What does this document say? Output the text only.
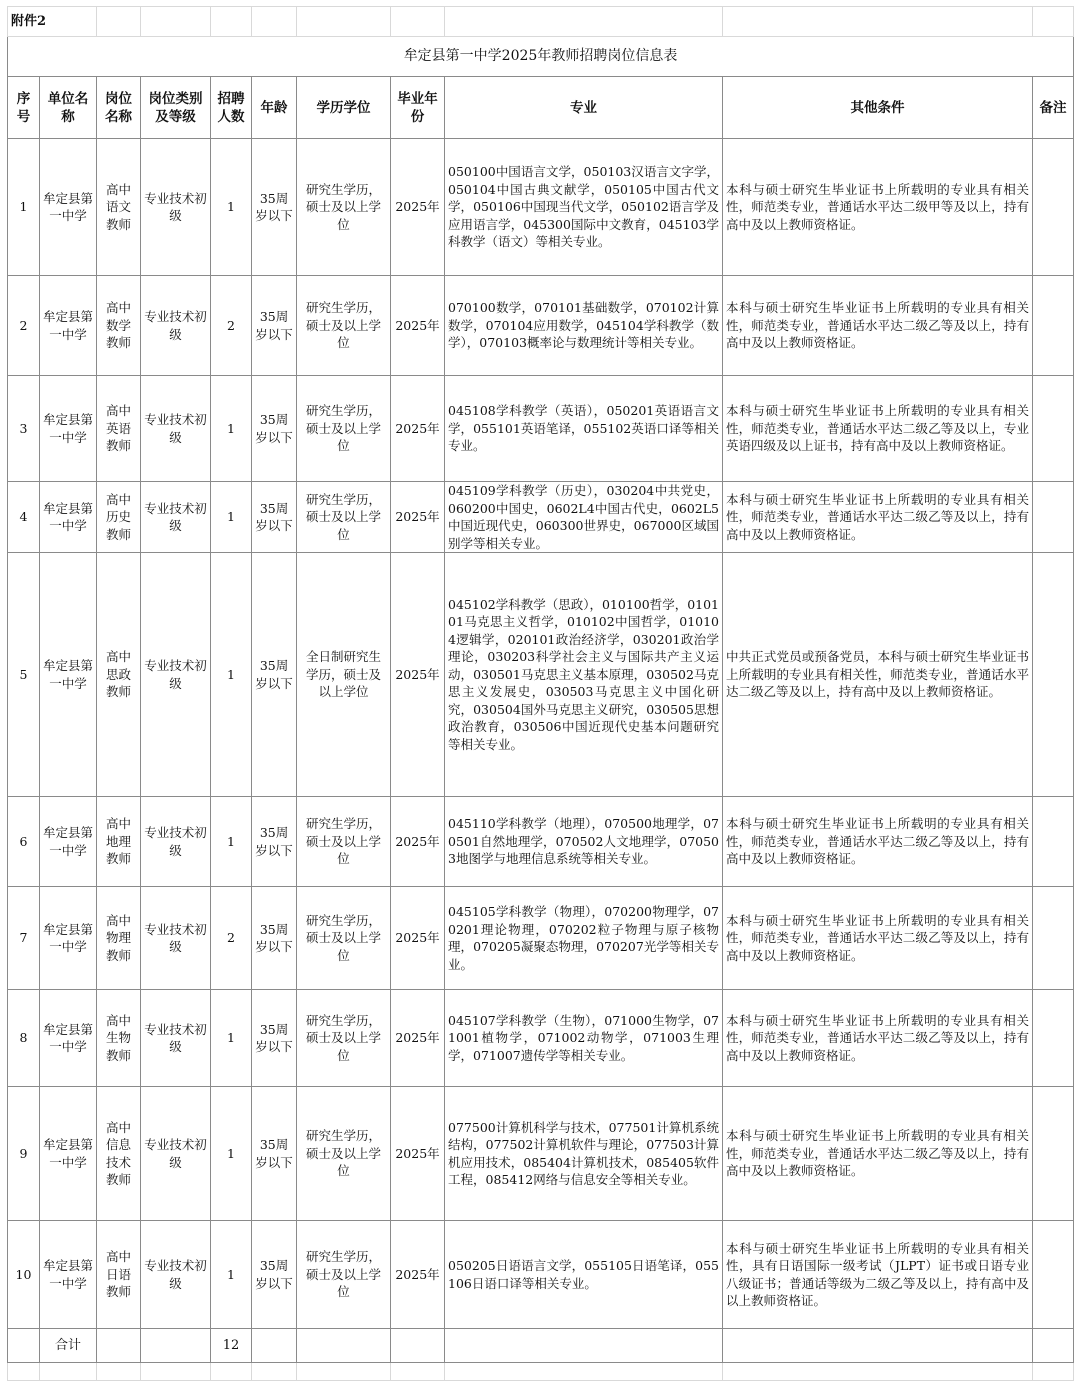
附件2										
牟定县第一中学2025年教师招聘岗位信息表										
序号	单位名称	岗位名称	岗位类别及等级	招聘人数	年龄	学历学位	毕业年份	专业	其他条件	备注
1	牟定县第一中学	高中语文教师	专业技术初级	1	35周岁以下	研究生学历，硕士及以上学位	2025年	050100中国语言文学，050103汉语言文字学，050104中国古典文献学，050105中国古代文学，050106中国现当代文学，050102语言学及应用语言学，045300国际中文教育，045103学科教学（语文）等相关专业。	本科与硕士研究生毕业证书上所载明的专业具有相关性，师范类专业，普通话水平达二级甲等及以上，持有高中及以上教师资格证。	
2	牟定县第一中学	高中数学教师	专业技术初级	2	35周岁以下	研究生学历，硕士及以上学位	2025年	070100数学，070101基础数学，070102计算数学，070104应用数学，045104学科教学（数学），070103概率论与数理统计等相关专业。	本科与硕士研究生毕业证书上所载明的专业具有相关性，师范类专业，普通话水平达二级乙等及以上，持有高中及以上教师资格证。	
3	牟定县第一中学	高中英语教师	专业技术初级	1	35周岁以下	研究生学历，硕士及以上学位	2025年	045108学科教学（英语），050201英语语言文学，055101英语笔译，055102英语口译等相关专业。	本科与硕士研究生毕业证书上所载明的专业具有相关性，师范类专业，普通话水平达二级乙等及以上，专业英语四级及以上证书，持有高中及以上教师资格证。	
4	牟定县第一中学	高中历史教师	专业技术初级	1	35周岁以下	研究生学历，硕士及以上学位	2025年	045109学科教学（历史），030204中共党史，060200中国史，0602L4中国古代史，0602L5中国近现代史，060300世界史，067000区域国别学等相关专业。	本科与硕士研究生毕业证书上所载明的专业具有相关性，师范类专业，普通话水平达二级乙等及以上，持有高中及以上教师资格证。	
5	牟定县第一中学	高中思政教师	专业技术初级	1	35周岁以下	全日制研究生学历，硕士及以上学位	2025年	045102学科教学（思政），010100哲学，010101马克思主义哲学，010102中国哲学，010104逻辑学，020101政治经济学，030201政治学理论，030203科学社会主义与国际共产主义运动，030501马克思主义基本原理，030502马克思主义发展史，030503马克思主义中国化研究，030504国外马克思主义研究，030505思想政治教育，030506中国近现代史基本问题研究等相关专业。	中共正式党员或预备党员，本科与硕士研究生毕业证书上所载明的专业具有相关性，师范类专业，普通话水平达二级乙等及以上，持有高中及以上教师资格证。	
6	牟定县第一中学	高中地理教师	专业技术初级	1	35周岁以下	研究生学历，硕士及以上学位	2025年	045110学科教学（地理），070500地理学，070501自然地理学，070502人文地理学，070503地图学与地理信息系统等相关专业。	本科与硕士研究生毕业证书上所载明的专业具有相关性，师范类专业，普通话水平达二级乙等及以上，持有高中及以上教师资格证。	
7	牟定县第一中学	高中物理教师	专业技术初级	2	35周岁以下	研究生学历，硕士及以上学位	2025年	045105学科教学（物理），070200物理学，070201理论物理，070202粒子物理与原子核物理，070205凝聚态物理，070207光学等相关专业。	本科与硕士研究生毕业证书上所载明的专业具有相关性，师范类专业，普通话水平达二级乙等及以上，持有高中及以上教师资格证。	
8	牟定县第一中学	高中生物教师	专业技术初级	1	35周岁以下	研究生学历，硕士及以上学位	2025年	045107学科教学（生物），071000生物学，071001植物学，071002动物学，071003生理学，071007遗传学等相关专业。	本科与硕士研究生毕业证书上所载明的专业具有相关性，师范类专业，普通话水平达二级乙等及以上，持有高中及以上教师资格证。	
9	牟定县第一中学	高中信息技术教师	专业技术初级	1	35周岁以下	研究生学历，硕士及以上学位	2025年	077500计算机科学与技术，077501计算机系统结构，077502计算机软件与理论，077503计算机应用技术，085404计算机技术，085405软件工程，085412网络与信息安全等相关专业。	本科与硕士研究生毕业证书上所载明的专业具有相关性，师范类专业，普通话水平达二级乙等及以上，持有高中及以上教师资格证。	
10	牟定县第一中学	高中日语教师	专业技术初级	1	35周岁以下	研究生学历，硕士及以上学位	2025年	050205日语语言文学，055105日语笔译，055106日语口译等相关专业。	本科与硕士研究生毕业证书上所载明的专业具有相关性，具有日语国际一级考试（JLPT）证书或日语专业八级证书；普通话等级为二级乙等及以上，持有高中及以上教师资格证。	
	合计			12						
